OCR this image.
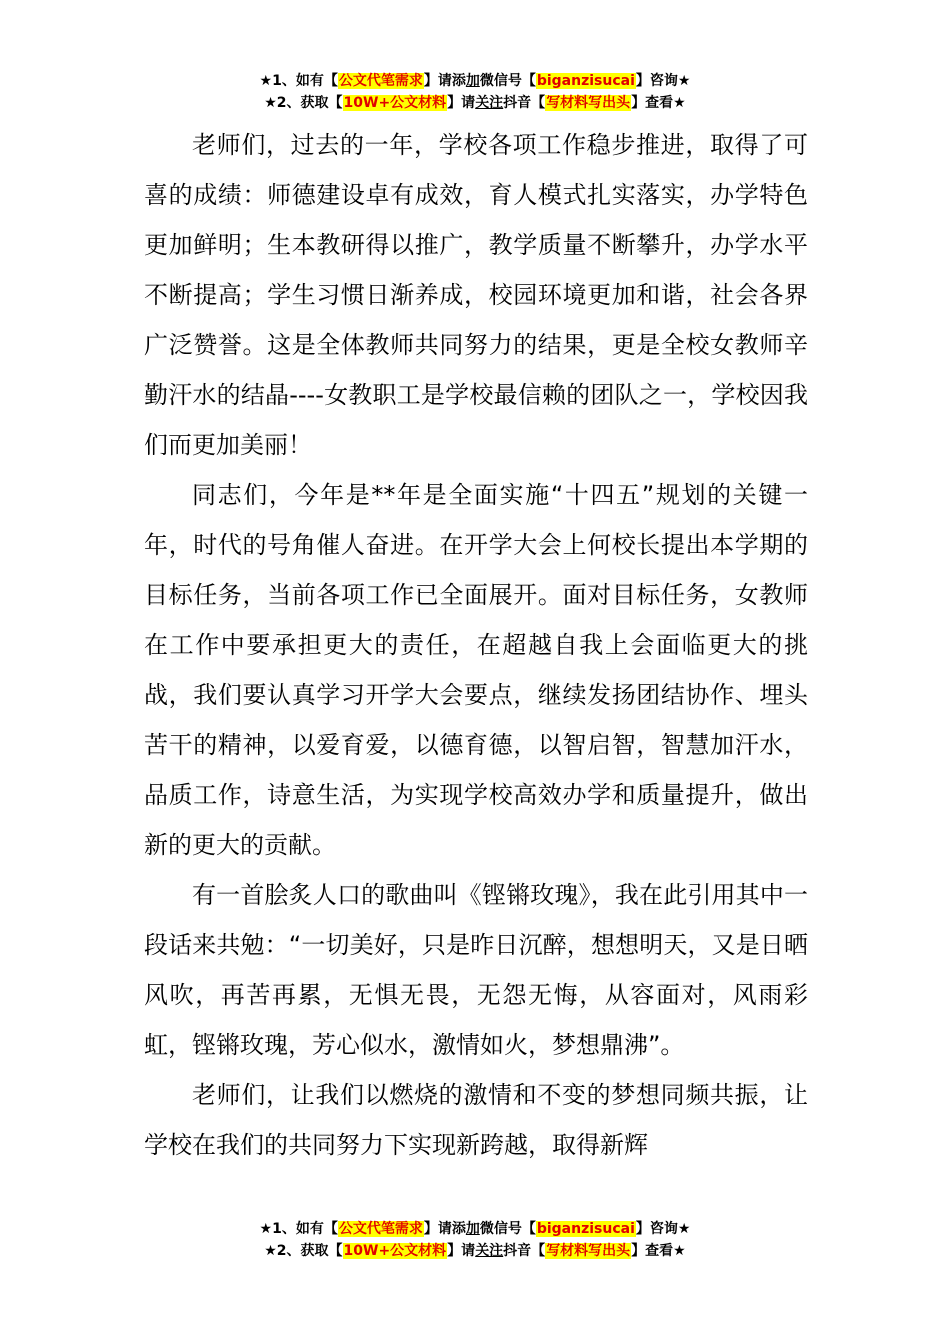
★1、如有【公文代笔需求】请添加微信号【biganzisucai】咨询★
★2、获取【10W+公文材料】请关注抖音【写材料写出头】查看★

老师们，过去的一年，学校各项工作稳步推进，取得了可喜的成绩：师德建设卓有成效，育人模式扎实落实，办学特色更加鲜明；生本教研得以推广，教学质量不断攀升，办学水平不断提高；学生习惯日渐养成，校园环境更加和谐，社会各界广泛赞誉。这是全体教师共同努力的结果，更是全校女教师辛勤汗水的结晶----女教职工是学校最信赖的团队之一，学校因我们而更加美丽！

同志们，今年是**年是全面实施“十四五”规划的关键一年，时代的号角催人奋进。在开学大会上何校长提出本学期的目标任务，当前各项工作已全面展开。面对目标任务，女教师在工作中要承担更大的责任，在超越自我上会面临更大的挑战，我们要认真学习开学大会要点，继续发扬团结协作、埋头苦干的精神，以爱育爱，以德育德，以智启智，智慧加汗水，品质工作，诗意生活，为实现学校高效办学和质量提升，做出新的更大的贡献。

有一首脍炙人口的歌曲叫《铿锵玫瑰》，我在此引用其中一段话来共勉：“一切美好，只是昨日沉醉，想想明天，又是日晒风吹，再苦再累，无惧无畏，无怨无悔，从容面对，风雨彩虹，铿锵玫瑰，芳心似水，激情如火，梦想鼎沸”。

老师们，让我们以燃烧的激情和不变的梦想同频共振，让学校在我们的共同努力下实现新跨越，取得新辉

★1、如有【公文代笔需求】请添加微信号【biganzisucai】咨询★
★2、获取【10W+公文材料】请关注抖音【写材料写出头】查看★
